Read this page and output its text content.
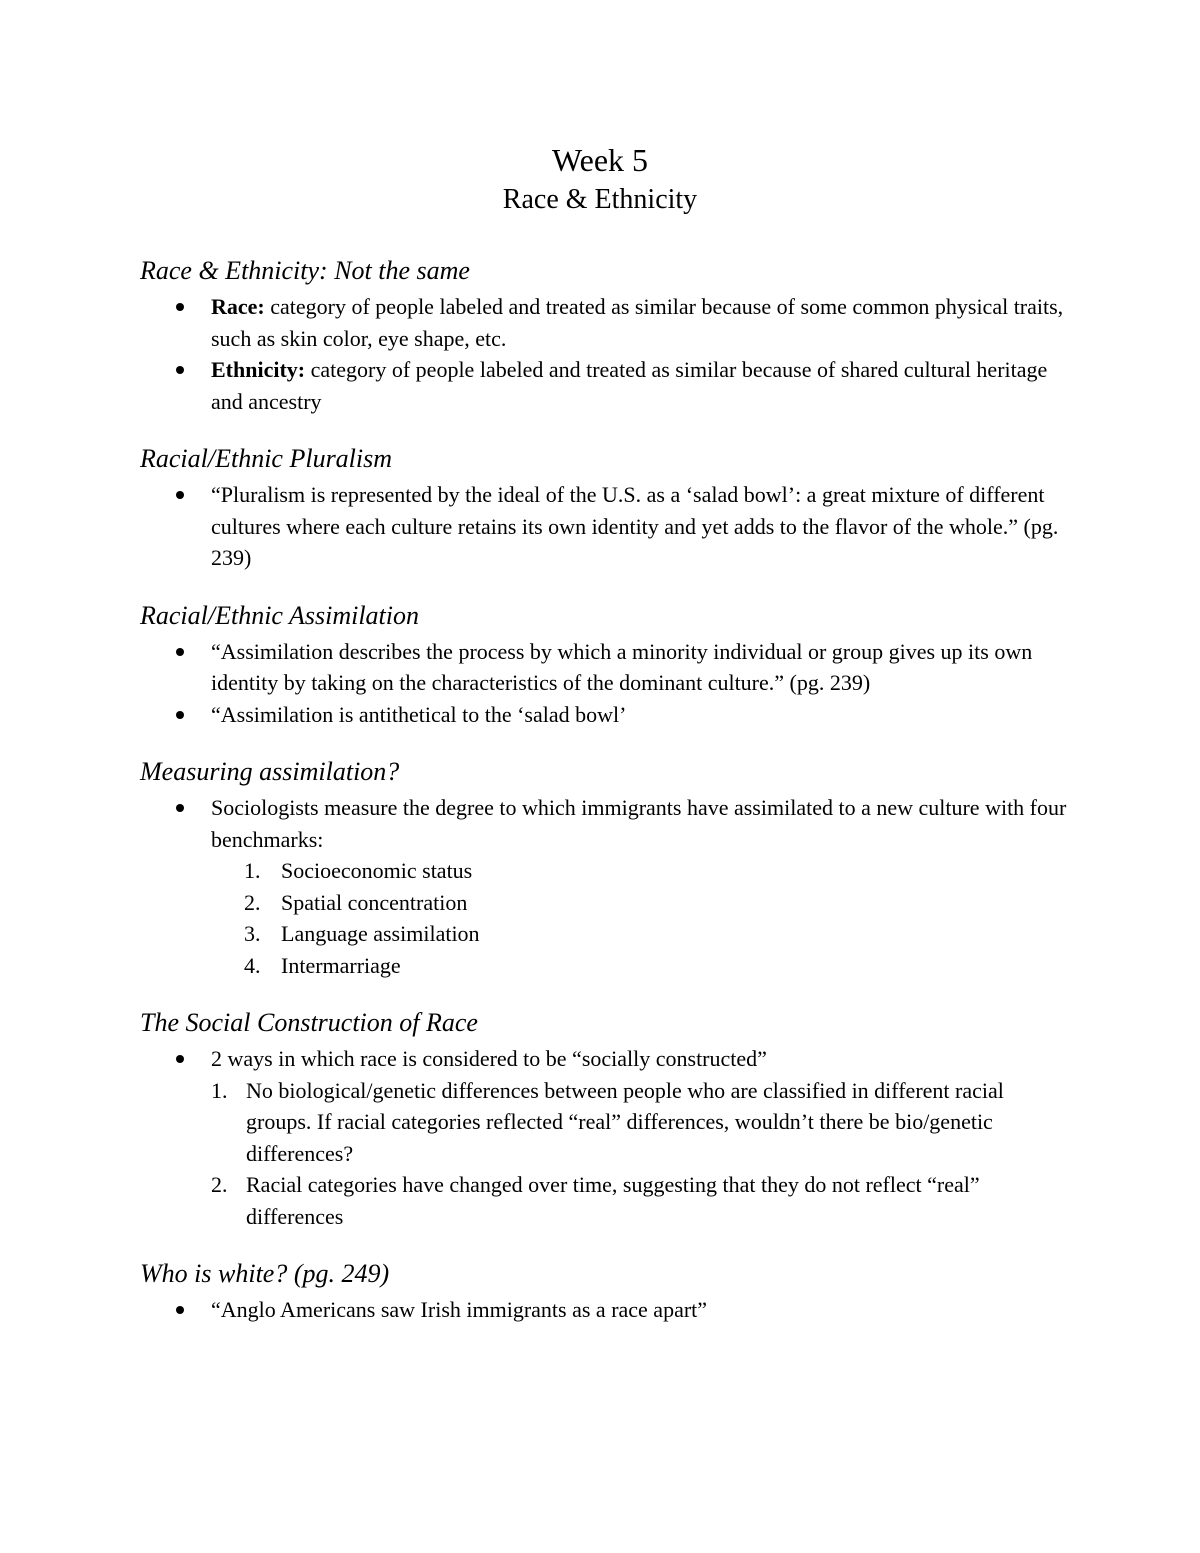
Week 5
Race & Ethnicity
Race & Ethnicity: Not the same
Race: category of people labeled and treated as similar because of some common physical traits, such as skin color, eye shape, etc.
Ethnicity: category of people labeled and treated as similar because of shared cultural heritage and ancestry
Racial/Ethnic Pluralism
“Pluralism is represented by the ideal of the U.S. as a ‘salad bowl’: a great mixture of different cultures where each culture retains its own identity and yet adds to the flavor of the whole.” (pg. 239)
Racial/Ethnic Assimilation
“Assimilation describes the process by which a minority individual or group gives up its own identity by taking on the characteristics of the dominant culture.” (pg. 239)
“Assimilation is antithetical to the ‘salad bowl’
Measuring assimilation?
Sociologists measure the degree to which immigrants have assimilated to a new culture with four benchmarks:
1. Socioeconomic status
2. Spatial concentration
3. Language assimilation
4. Intermarriage
The Social Construction of Race
2 ways in which race is considered to be “socially constructed”
1. No biological/genetic differences between people who are classified in different racial groups. If racial categories reflected “real” differences, wouldn’t there be bio/genetic differences?
2. Racial categories have changed over time, suggesting that they do not reflect “real” differences
Who is white? (pg. 249)
“Anglo Americans saw Irish immigrants as a race apart”
